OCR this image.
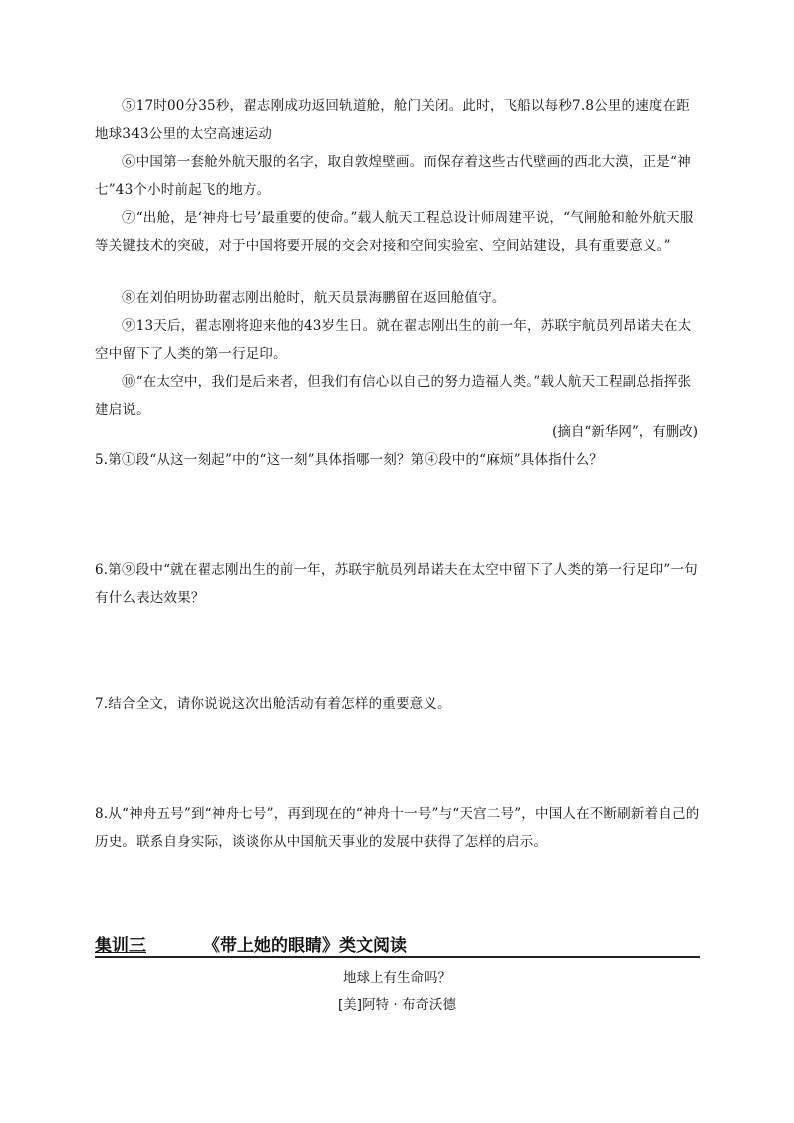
⑤17时00分35秒，翟志刚成功返回轨道舱，舱门关闭。此时，飞船以每秒7.8公里的速度在距地球343公里的太空高速运动

⑥中国第一套舱外航天服的名字，取自敦煌壁画。而保存着这些古代壁画的西北大漠，正是“神七”43个小时前起飞的地方。

⑦“出舱，是‘神舟七号’最重要的使命。”载人航天工程总设计师周建平说，“气闸舱和舱外航天服等关键技术的突破，对于中国将要开展的交会对接和空间实验室、空间站建设，具有重要意义。”

⑧在刘伯明协助翟志刚出舱时，航天员景海鹏留在返回舱值守。

⑨13天后，翟志刚将迎来他的43岁生日。就在翟志刚出生的前一年，苏联宇航员列昂诺夫在太空中留下了人类的第一行足印。

⑩“在太空中，我们是后来者，但我们有信心以自己的努力造福人类。”载人航天工程副总指挥张建启说。

(摘自“新华网”，有删改)

5.第①段“从这一刻起”中的“这一刻”具体指哪一刻？第④段中的“麻烦”具体指什么？

6.第⑨段中“就在翟志刚出生的前一年，苏联宇航员列昂诺夫在太空中留下了人类的第一行足印”一句有什么表达效果？

7.结合全文，请你说说这次出舱活动有着怎样的重要意义。

8.从“神舟五号”到“神舟七号”，再到现在的“神舟十一号”与“天宫二号”，中国人在不断刷新着自己的历史。联系自身实际，谈谈你从中国航天事业的发展中获得了怎样的启示。

集训三	《带上她的眼睛》类文阅读
地球上有生命吗？
[美]阿特 · 布奇沃德
